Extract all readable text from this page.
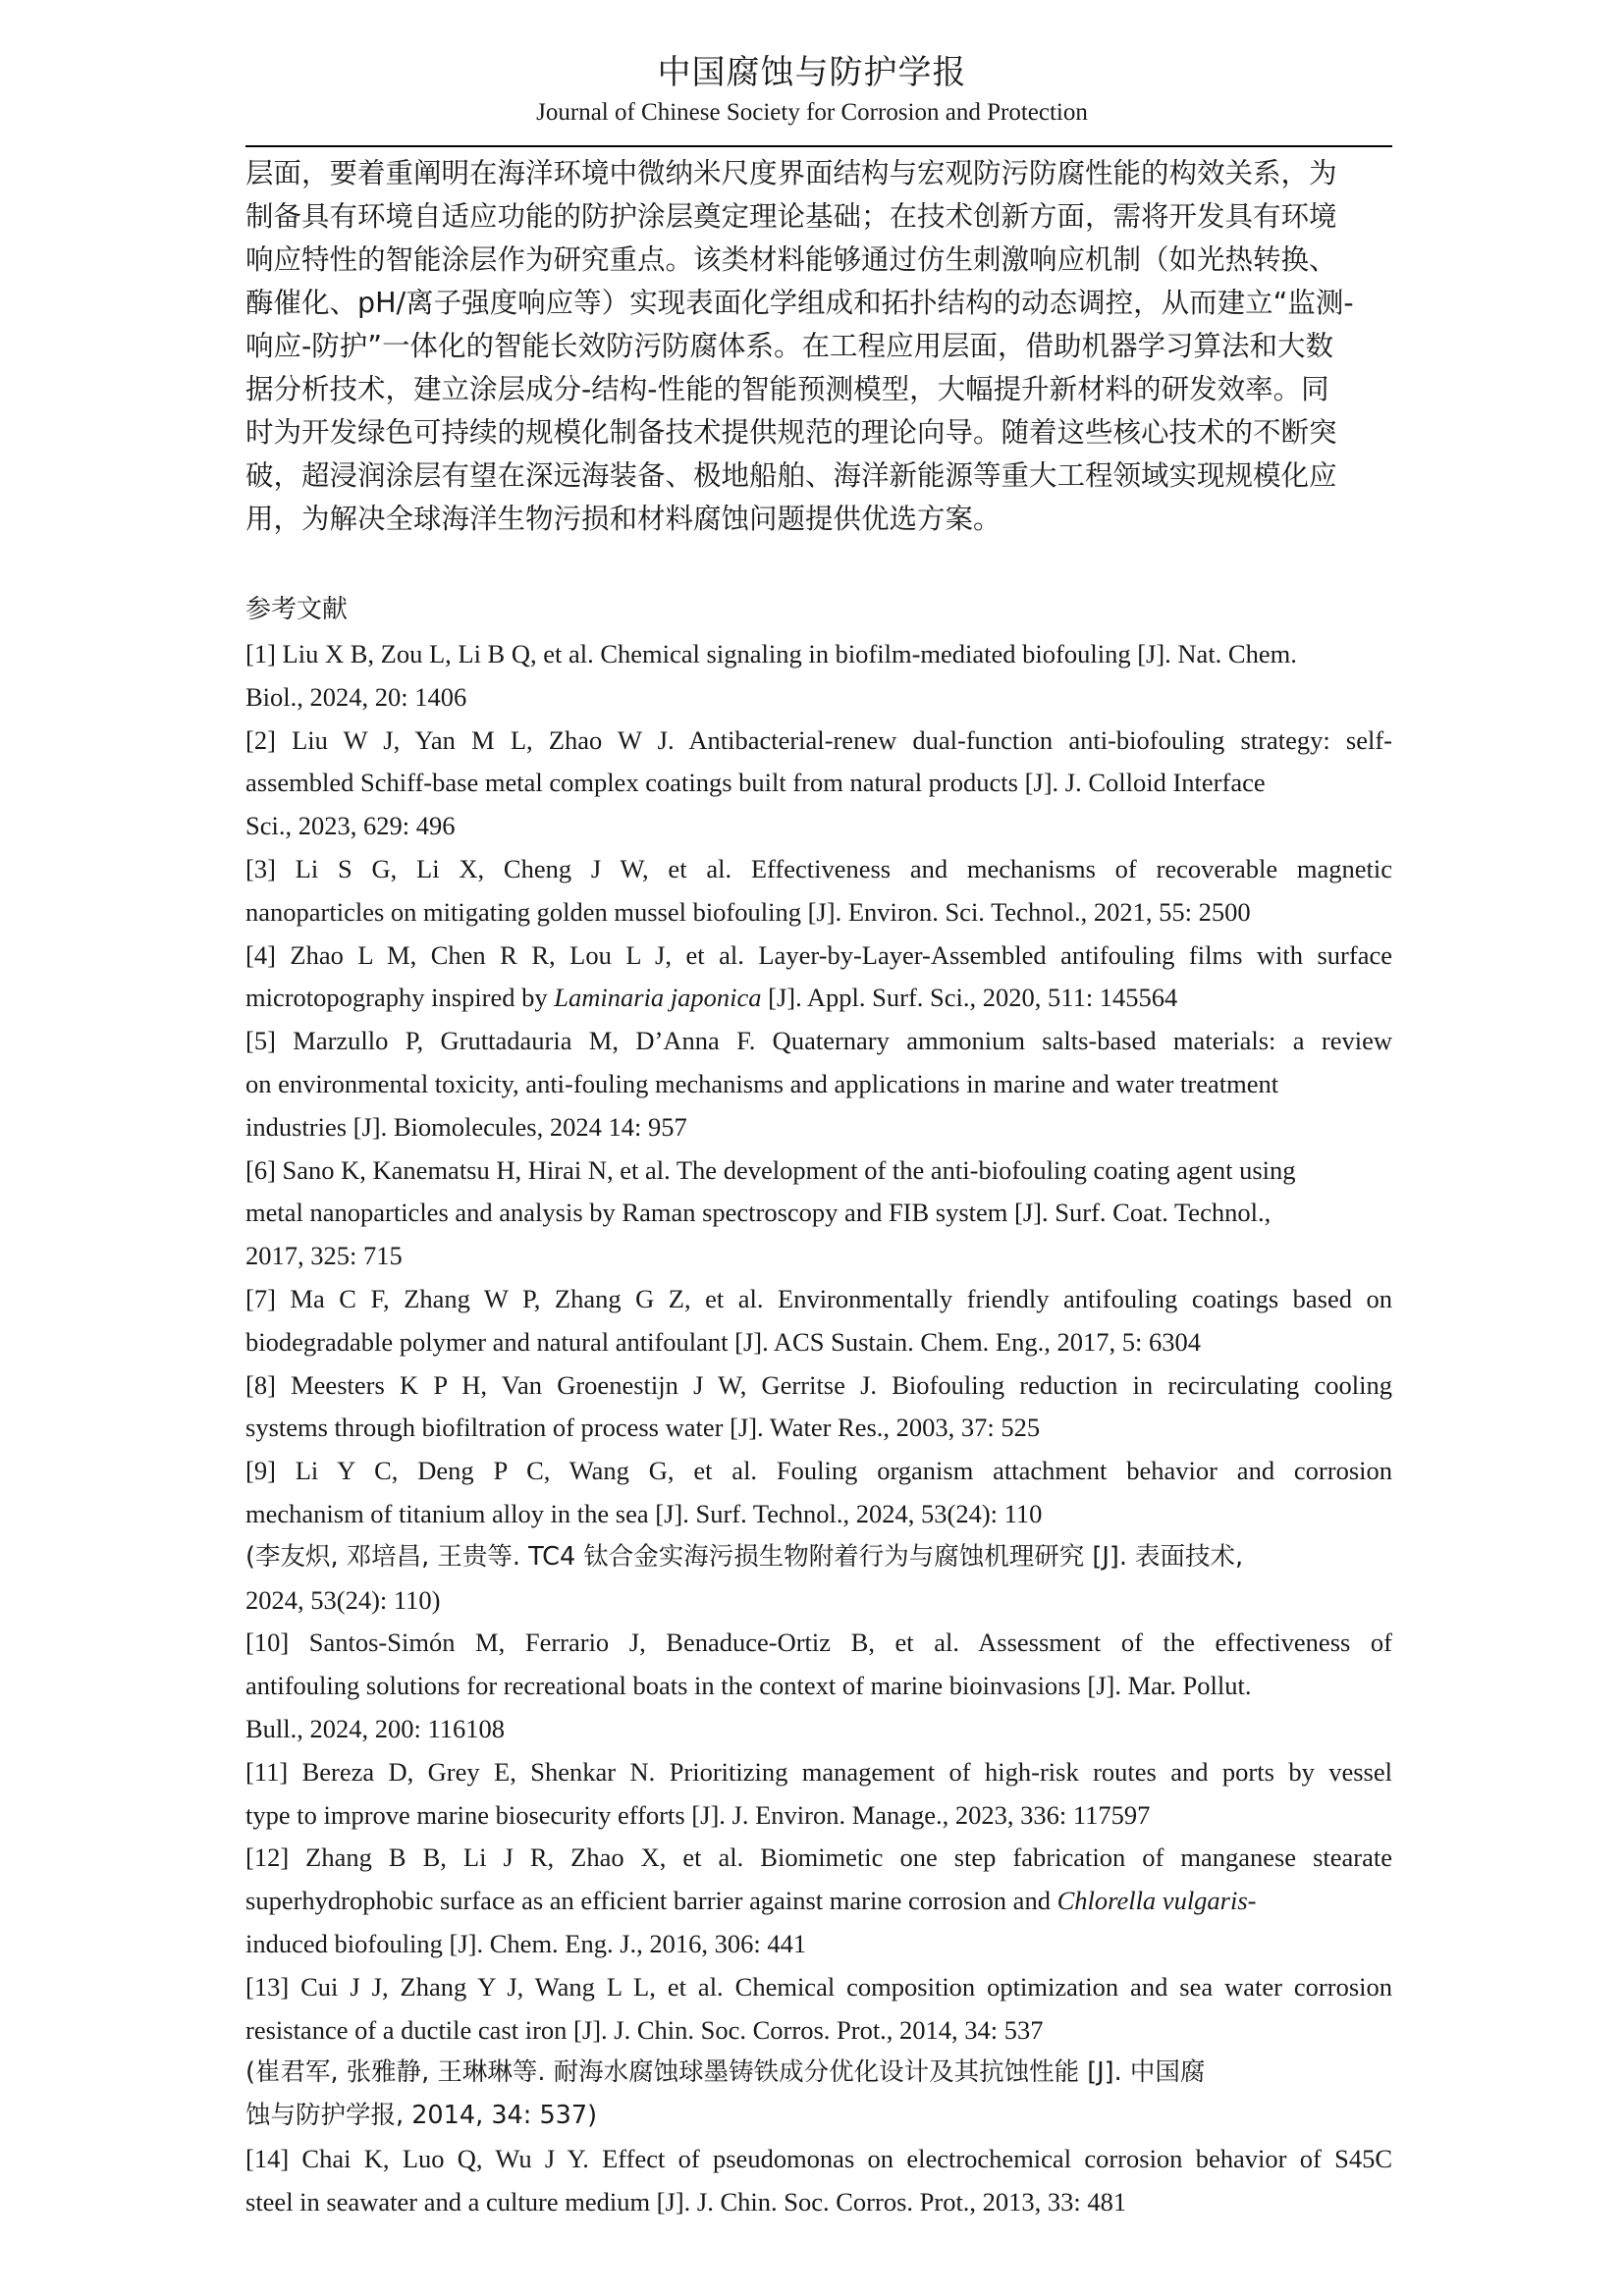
中国腐蚀与防护学报
Journal of Chinese Society for Corrosion and Protection
层面，要着重阐明在海洋环境中微纳米尺度界面结构与宏观防污防腐性能的构效关系，为
制备具有环境自适应功能的防护涂层奠定理论基础；在技术创新方面，需将开发具有环境
响应特性的智能涂层作为研究重点。该类材料能够通过仿生刺激响应机制（如光热转换、
酶催化、pH/离子强度响应等）实现表面化学组成和拓扑结构的动态调控，从而建立“监测-
响应-防护”一体化的智能长效防污防腐体系。在工程应用层面，借助机器学习算法和大数
据分析技术，建立涂层成分-结构-性能的智能预测模型，大幅提升新材料的研发效率。同
时为开发绿色可持续的规模化制备技术提供规范的理论向导。随着这些核心技术的不断突
破，超浸润涂层有望在深远海装备、极地船舶、海洋新能源等重大工程领域实现规模化应
用，为解决全球海洋生物污损和材料腐蚀问题提供优选方案。
参考文献
[1] Liu X B, Zou L, Li B Q, et al. Chemical signaling in biofilm-mediated biofouling [J]. Nat. Chem.
Biol., 2024, 20: 1406
[2] Liu W J, Yan M L, Zhao W J. Antibacterial-renew dual-function anti-biofouling strategy: self-
assembled Schiff-base metal complex coatings built from natural products [J]. J. Colloid Interface
Sci., 2023, 629: 496
[3] Li S G, Li X, Cheng J W, et al. Effectiveness and mechanisms of recoverable magnetic
nanoparticles on mitigating golden mussel biofouling [J]. Environ. Sci. Technol., 2021, 55: 2500
[4] Zhao L M, Chen R R, Lou L J, et al. Layer-by-Layer-Assembled antifouling films with surface
microtopography inspired by Laminaria japonica [J]. Appl. Surf. Sci., 2020, 511: 145564
[5] Marzullo P, Gruttadauria M, D’Anna F. Quaternary ammonium salts-based materials: a review
on environmental toxicity, anti-fouling mechanisms and applications in marine and water treatment
industries [J]. Biomolecules, 2024 14: 957
[6] Sano K, Kanematsu H, Hirai N, et al. The development of the anti-biofouling coating agent using
metal nanoparticles and analysis by Raman spectroscopy and FIB system [J]. Surf. Coat. Technol.,
2017, 325: 715
[7] Ma C F, Zhang W P, Zhang G Z, et al. Environmentally friendly antifouling coatings based on
biodegradable polymer and natural antifoulant [J]. ACS Sustain. Chem. Eng., 2017, 5: 6304
[8] Meesters K P H, Van Groenestijn J W, Gerritse J. Biofouling reduction in recirculating cooling
systems through biofiltration of process water [J]. Water Res., 2003, 37: 525
[9] Li Y C, Deng P C, Wang G, et al. Fouling organism attachment behavior and corrosion
mechanism of titanium alloy in the sea [J]. Surf. Technol., 2024, 53(24): 110
(李友炽, 邓培昌, 王贵等. TC4 钛合金实海污损生物附着行为与腐蚀机理研究 [J]. 表面技术,
2024, 53(24): 110)
[10] Santos-Simón M, Ferrario J, Benaduce-Ortiz B, et al. Assessment of the effectiveness of
antifouling solutions for recreational boats in the context of marine bioinvasions [J]. Mar. Pollut.
Bull., 2024, 200: 116108
[11] Bereza D, Grey E, Shenkar N. Prioritizing management of high-risk routes and ports by vessel
type to improve marine biosecurity efforts [J]. J. Environ. Manage., 2023, 336: 117597
[12] Zhang B B, Li J R, Zhao X, et al. Biomimetic one step fabrication of manganese stearate
superhydrophobic surface as an efficient barrier against marine corrosion and Chlorella vulgaris-
induced biofouling [J]. Chem. Eng. J., 2016, 306: 441
[13] Cui J J, Zhang Y J, Wang L L, et al. Chemical composition optimization and sea water corrosion
resistance of a ductile cast iron [J]. J. Chin. Soc. Corros. Prot., 2014, 34: 537
(崔君军, 张雅静, 王琳琳等. 耐海水腐蚀球墨铸铁成分优化设计及其抗蚀性能 [J]. 中国腐
蚀与防护学报, 2014, 34: 537)
[14] Chai K, Luo Q, Wu J Y. Effect of pseudomonas on electrochemical corrosion behavior of S45C
steel in seawater and a culture medium [J]. J. Chin. Soc. Corros. Prot., 2013, 33: 481
